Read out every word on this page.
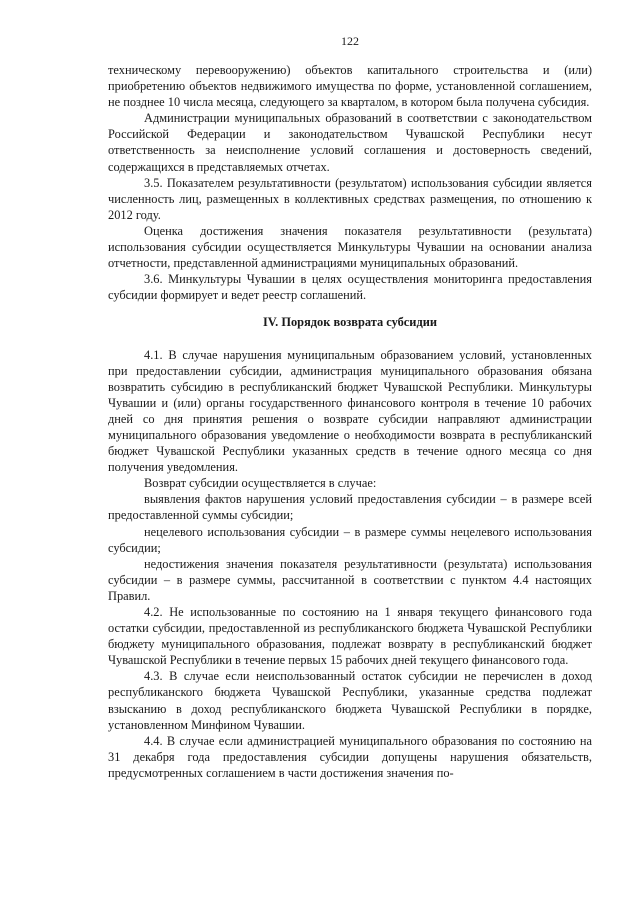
122

техническому перевооружению) объектов капитального строительства и (или) приобретению объектов недвижимого имущества по форме, установленной соглашением, не позднее 10 числа месяца, следующего за кварталом, в котором была получена субсидия.

Администрации муниципальных образований в соответствии с законодательством Российской Федерации и законодательством Чувашской Республики несут ответственность за неисполнение условий соглашения и достоверность сведений, содержащихся в представляемых отчетах.

3.5. Показателем результативности (результатом) использования субсидии является численность лиц, размещенных в коллективных средствах размещения, по отношению к 2012 году.

Оценка достижения значения показателя результативности (результата) использования субсидии осуществляется Минкультуры Чувашии на основании анализа отчетности, представленной администрациями муниципальных образований.

3.6. Минкультуры Чувашии в целях осуществления мониторинга предоставления субсидии формирует и ведет реестр соглашений.

IV. Порядок возврата субсидии

4.1. В случае нарушения муниципальным образованием условий, установленных при предоставлении субсидии, администрация муниципального образования обязана возвратить субсидию в республиканский бюджет Чувашской Республики. Минкультуры Чувашии и (или) органы государственного финансового контроля в течение 10 рабочих дней со дня принятия решения о возврате субсидии направляют администрации муниципального образования уведомление о необходимости возврата в республиканский бюджет Чувашской Республики указанных средств в течение одного месяца со дня получения уведомления.

Возврат субсидии осуществляется в случае:

выявления фактов нарушения условий предоставления субсидии – в размере всей предоставленной суммы субсидии;

нецелевого использования субсидии – в размере суммы нецелевого использования субсидии;

недостижения значения показателя результативности (результата) использования субсидии – в размере суммы, рассчитанной в соответствии с пунктом 4.4 настоящих Правил.

4.2. Не использованные по состоянию на 1 января текущего финансового года остатки субсидии, предоставленной из республиканского бюджета Чувашской Республики бюджету муниципального образования, подлежат возврату в республиканский бюджет Чувашской Республики в течение первых 15 рабочих дней текущего финансового года.

4.3. В случае если неиспользованный остаток субсидии не перечислен в доход республиканского бюджета Чувашской Республики, указанные средства подлежат взысканию в доход республиканского бюджета Чувашской Республики в порядке, установленном Минфином Чувашии.

4.4. В случае если администрацией муниципального образования по состоянию на 31 декабря года предоставления субсидии допущены нарушения обязательств, предусмотренных соглашением в части достижения значения по-
